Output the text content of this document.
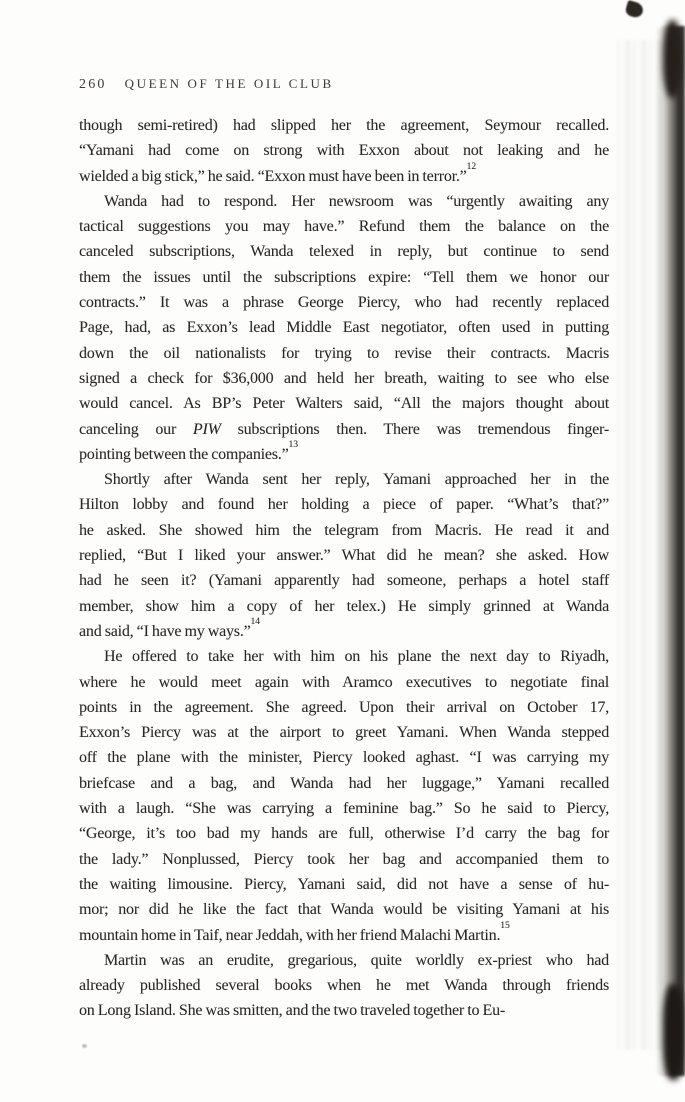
260 QUEEN OF THE OIL CLUB
though semi-retired) had slipped her the agreement, Seymour recalled.
“Yamani had come on strong with Exxon about not leaking and he
wielded a big stick,” he said. “Exxon must have been in terror.”$^{12}$
Wanda had to respond. Her newsroom was “urgently awaiting any
tactical suggestions you may have.” Refund them the balance on the
canceled subscriptions, Wanda telexed in reply, but continue to send
them the issues until the subscriptions expire: “Tell them we honor our
contracts.” It was a phrase George Piercy, who had recently replaced
Page, had, as Exxon’s lead Middle East negotiator, often used in putting
down the oil nationalists for trying to revise their contracts. Macris
signed a check for $36,000 and held her breath, waiting to see who else
would cancel. As BP’s Peter Walters said, “All the majors thought about
canceling our PIW subscriptions then. There was tremendous finger-
pointing between the companies.”$^{13}$
Shortly after Wanda sent her reply, Yamani approached her in the
Hilton lobby and found her holding a piece of paper. “What’s that?”
he asked. She showed him the telegram from Macris. He read it and
replied, “But I liked your answer.” What did he mean? she asked. How
had he seen it? (Yamani apparently had someone, perhaps a hotel staff
member, show him a copy of her telex.) He simply grinned at Wanda
and said, “I have my ways.”$^{14}$
He offered to take her with him on his plane the next day to Riyadh,
where he would meet again with Aramco executives to negotiate final
points in the agreement. She agreed. Upon their arrival on October 17,
Exxon’s Piercy was at the airport to greet Yamani. When Wanda stepped
off the plane with the minister, Piercy looked aghast. “I was carrying my
briefcase and a bag, and Wanda had her luggage,” Yamani recalled
with a laugh. “She was carrying a feminine bag.” So he said to Piercy,
“George, it’s too bad my hands are full, otherwise I’d carry the bag for
the lady.” Nonplussed, Piercy took her bag and accompanied them to
the waiting limousine. Piercy, Yamani said, did not have a sense of hu-
mor; nor did he like the fact that Wanda would be visiting Yamani at his
mountain home in Taif, near Jeddah, with her friend Malachi Martin.$^{15}$
Martin was an erudite, gregarious, quite worldly ex-priest who had
already published several books when he met Wanda through friends
on Long Island. She was smitten, and the two traveled together to Eu-
